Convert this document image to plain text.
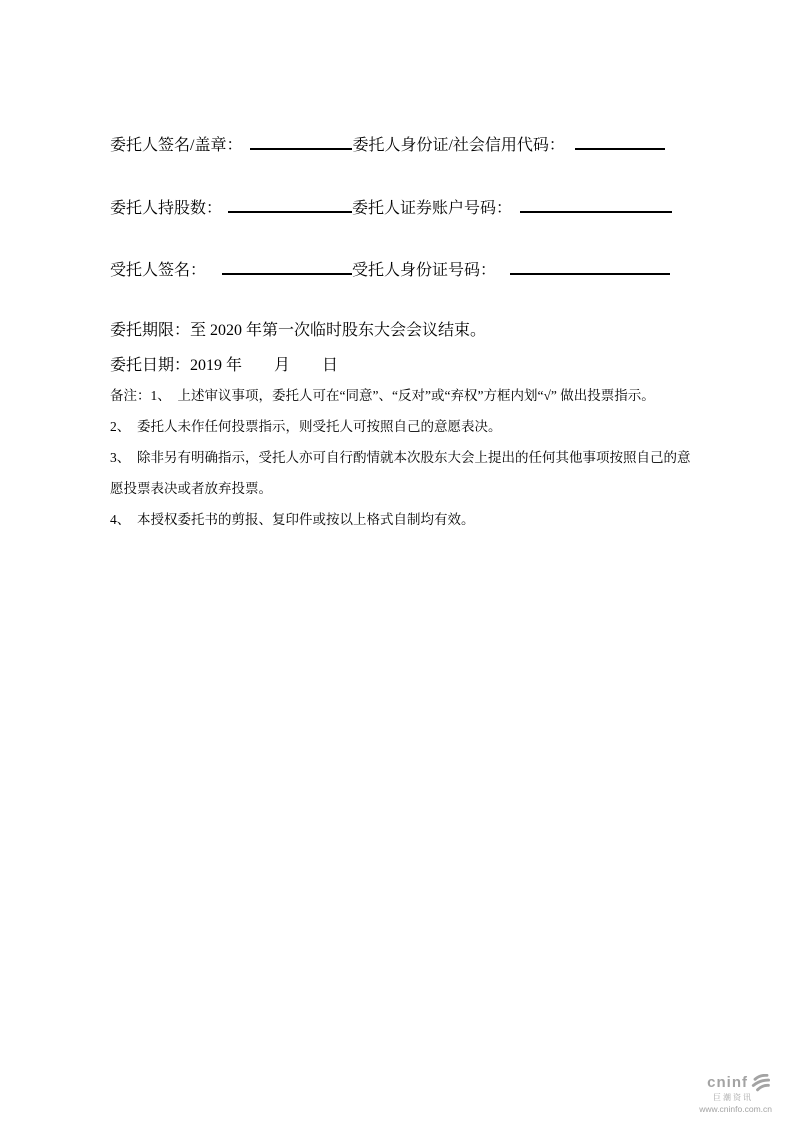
委托人签名/盖章：	委托人身份证/社会信用代码：
委托人持股数：	委托人证券账户号码：
受托人签名：	受托人身份证号码：
委托期限：至 2020 年第一次临时股东大会会议结束。
委托日期：2019 年　　月　　日

备注：1、　上述审议事项，委托人可在“同意”、“反对”或“弃权”方框内划“√” 做出投票指示。

2、　委托人未作任何投票指示，则受托人可按照自己的意愿表决。

3、　除非另有明确指示，受托人亦可自行酌情就本次股东大会上提出的任何其他事项按照自己的意愿投票表决或者放弃投票。

4、　本授权委托书的剪报、复印件或按以上格式自制均有效。

cninf
巨潮资讯
www.cninfo.com.cn
